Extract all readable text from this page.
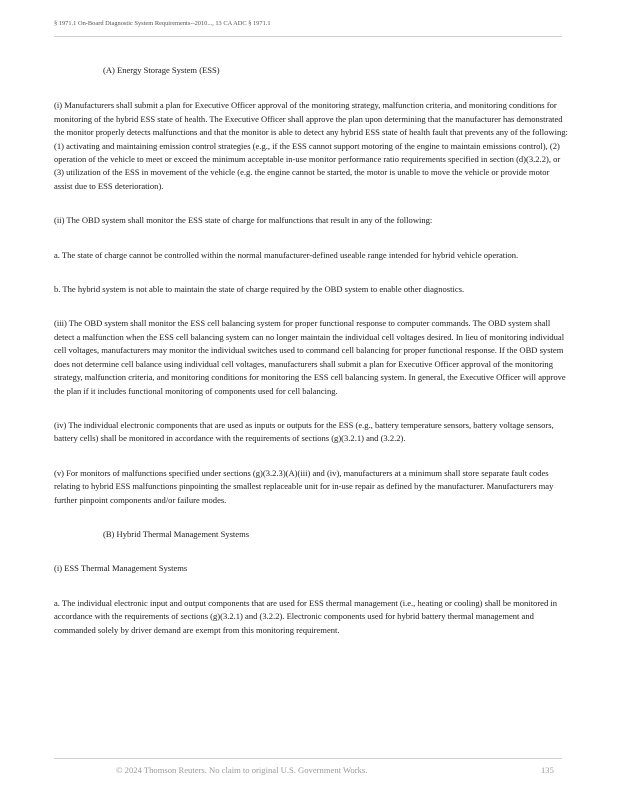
§ 1971.1 On-Board Diagnostic System Requirements--2010..., 13 CA ADC § 1971.1

(A) Energy Storage System (ESS)

(i) Manufacturers shall submit a plan for Executive Officer approval of the monitoring strategy, malfunction criteria, and monitoring conditions for monitoring of the hybrid ESS state of health. The Executive Officer shall approve the plan upon determining that the manufacturer has demonstrated the monitor properly detects malfunctions and that the monitor is able to detect any hybrid ESS state of health fault that prevents any of the following: (1) activating and maintaining emission control strategies (e.g., if the ESS cannot support motoring of the engine to maintain emissions control), (2) operation of the vehicle to meet or exceed the minimum acceptable in-use monitor performance ratio requirements specified in section (d)(3.2.2), or (3) utilization of the ESS in movement of the vehicle (e.g. the engine cannot be started, the motor is unable to move the vehicle or provide motor assist due to ESS deterioration).

(ii) The OBD system shall monitor the ESS state of charge for malfunctions that result in any of the following:

a. The state of charge cannot be controlled within the normal manufacturer-defined useable range intended for hybrid vehicle operation.

b. The hybrid system is not able to maintain the state of charge required by the OBD system to enable other diagnostics.

(iii) The OBD system shall monitor the ESS cell balancing system for proper functional response to computer commands. The OBD system shall detect a malfunction when the ESS cell balancing system can no longer maintain the individual cell voltages desired. In lieu of monitoring individual cell voltages, manufacturers may monitor the individual switches used to command cell balancing for proper functional response. If the OBD system does not determine cell balance using individual cell voltages, manufacturers shall submit a plan for Executive Officer approval of the monitoring strategy, malfunction criteria, and monitoring conditions for monitoring the ESS cell balancing system. In general, the Executive Officer will approve the plan if it includes functional monitoring of components used for cell balancing.

(iv) The individual electronic components that are used as inputs or outputs for the ESS (e.g., battery temperature sensors, battery voltage sensors, battery cells) shall be monitored in accordance with the requirements of sections (g)(3.2.1) and (3.2.2).

(v) For monitors of malfunctions specified under sections (g)(3.2.3)(A)(iii) and (iv), manufacturers at a minimum shall store separate fault codes relating to hybrid ESS malfunctions pinpointing the smallest replaceable unit for in-use repair as defined by the manufacturer. Manufacturers may further pinpoint components and/or failure modes.

(B) Hybrid Thermal Management Systems

(i) ESS Thermal Management Systems

a. The individual electronic input and output components that are used for ESS thermal management (i.e., heating or cooling) shall be monitored in accordance with the requirements of sections (g)(3.2.1) and (3.2.2). Electronic components used for hybrid battery thermal management and commanded solely by driver demand are exempt from this monitoring requirement.

© 2024 Thomson Reuters. No claim to original U.S. Government Works.	135
